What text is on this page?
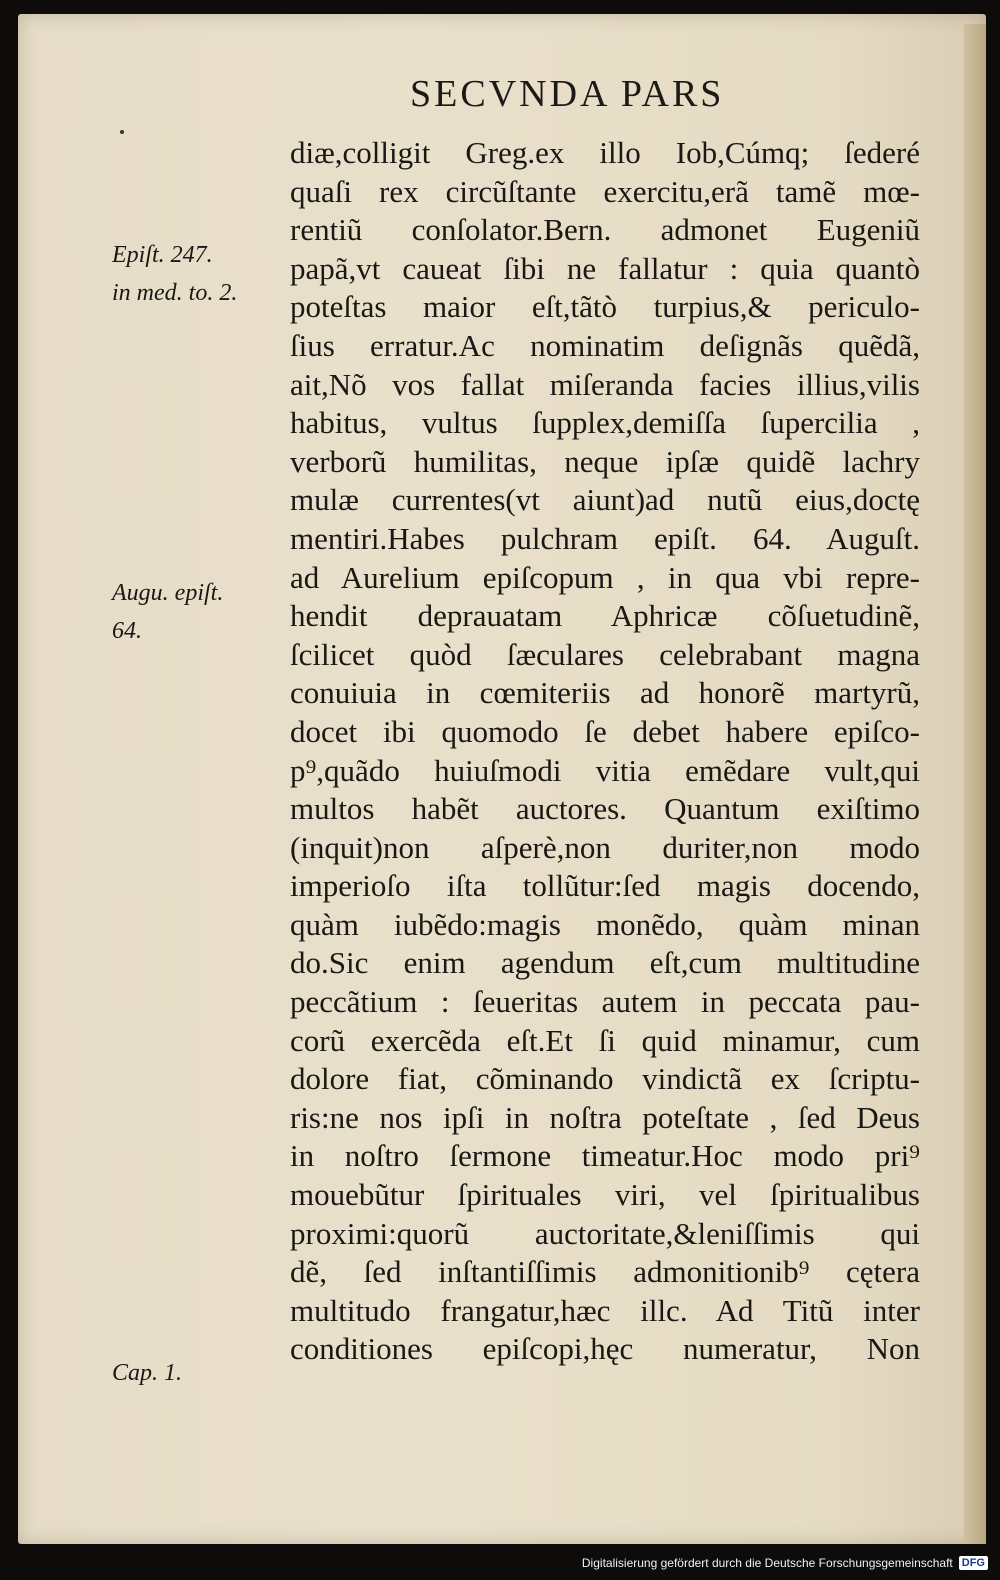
SECVNDA PARS
diæ,colligit Greg.ex illo Iob,Cúmq; ſederé
quaſi rex circũſtante exercitu,erã tamẽ mœ-
rentiũ conſolator.Bern. admonet Eugeniũ
papã,vt caueat ſibi ne fallatur : quia quantò
poteſtas maior eſt,tãtò turpius,& periculo-
ſius erratur.Ac nominatim deſignãs quẽdã,
ait,Nõ vos fallat miſeranda facies illius,vilis
habitus, vultus ſupplex,demiſſa ſupercilia ,
verborũ humilitas, neque ipſæ quidẽ lachry
mulæ currentes(vt aiunt)ad nutũ eius,doctę
mentiri.Habes pulchram epiſt. 64. Auguſt.
ad Aurelium epiſcopum , in qua vbi repre-
hendit deprauatam Aphricæ cõſuetudinẽ,
ſcilicet quòd ſæculares celebrabant magna
conuiuia in cœmiteriis ad honorẽ martyrũ,
docet ibi quomodo ſe debet habere epiſco-
p⁹,quãdo huiuſmodi vitia emẽdare vult,qui
multos habẽt auctores. Quantum exiſtimo
(inquit)non aſperè,non duriter,non modo
imperioſo iſta tollũtur:ſed magis docendo,
quàm iubẽdo:magis monẽdo, quàm minan
do.Sic enim agendum eſt,cum multitudine
peccãtium : ſeueritas autem in peccata pau-
corũ exercẽda eſt.Et ſi quid minamur, cum
dolore fiat, cõminando vindictã ex ſcriptu-
ris:ne nos ipſi in noſtra poteſtate , ſed Deus
in noſtro ſermone timeatur.Hoc modo pri⁹
mouebũtur ſpirituales viri, vel ſpiritualibus
proximi:quorũ auctoritate,&leniſſimis qui
dẽ, ſed inſtantiſſimis admonitionib⁹ cętera
multitudo frangatur,hæc illc. Ad Titũ inter
conditiones epiſcopi,hęc numeratur, Non
Epiſt. 247.
in med. to. 2.
Augu. epiſt.
64.
Cap. 1.
Digitalisierung gefördert durch die Deutsche Forschungsgemeinschaft DFG
